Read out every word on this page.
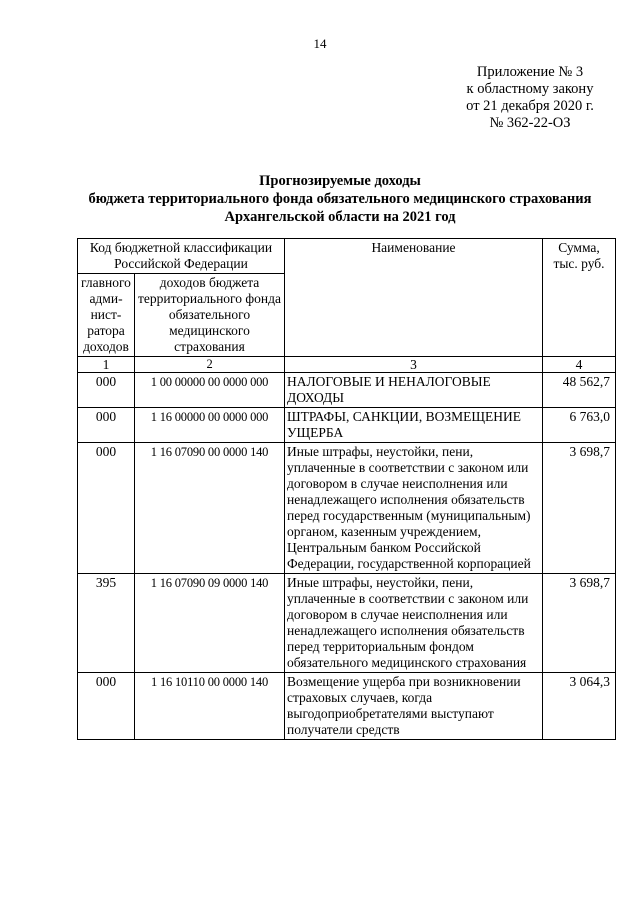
14
Приложение № 3
к областному закону
от 21 декабря 2020 г.
№ 362-22-ОЗ
Прогнозируемые доходы
бюджета территориального фонда обязательного медицинского страхования
Архангельской области на 2021 год
Код бюджетной классификации Российской Федерации		Наименование	Сумма, тыс. руб.
главного адми-нист-ратора доходов	доходов бюджета территориального фонда обязательного медицинского страхования		
1	2	3	4
000	1 00 00000 00 0000 000	НАЛОГОВЫЕ И НЕНАЛОГОВЫЕ ДОХОДЫ	48 562,7
000	1 16 00000 00 0000 000	ШТРАФЫ, САНКЦИИ, ВОЗМЕЩЕНИЕ УЩЕРБА	6 763,0
000	1 16 07090 00 0000 140	Иные штрафы, неустойки, пени, уплаченные в соответствии с законом или договором в случае неисполнения или ненадлежащего исполнения обязательств перед государственным (муниципальным) органом, казенным учреждением, Центральным банком Российской Федерации, государственной корпорацией	3 698,7
395	1 16 07090 09 0000 140	Иные штрафы, неустойки, пени, уплаченные в соответствии с законом или договором в случае неисполнения или ненадлежащего исполнения обязательств перед территориальным фондом обязательного медицинского страхования	3 698,7
000	1 16 10110 00 0000 140	Возмещение ущерба при возникновении страховых случаев, когда выгодоприобретателями выступают получатели средств	3 064,3
